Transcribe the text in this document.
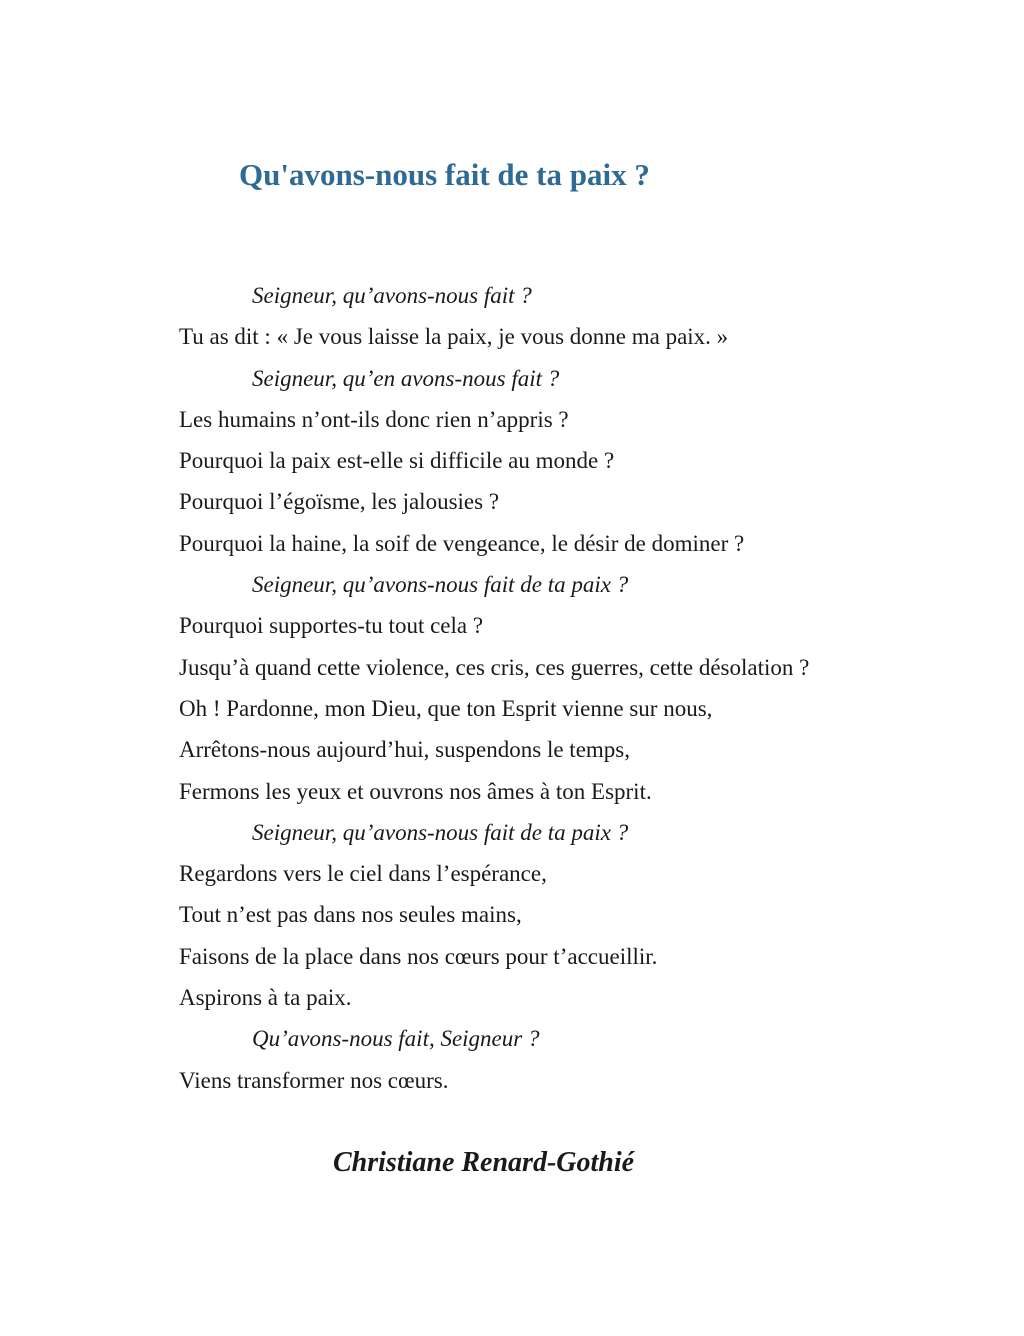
Qu'avons-nous fait de ta paix ?
Seigneur, qu’avons-nous fait ?
Tu as dit : « Je vous laisse la paix, je vous donne ma paix. »
Seigneur, qu’en avons-nous fait ?
Les humains n’ont-ils donc rien n’appris ?
Pourquoi la paix est-elle si difficile au monde ?
Pourquoi l’égoïsme, les jalousies ?
Pourquoi la haine, la soif de vengeance, le désir de dominer ?
Seigneur, qu’avons-nous fait de ta paix ?
Pourquoi supportes-tu tout cela ?
Jusqu’à quand cette violence, ces cris, ces guerres, cette désolation ?
Oh ! Pardonne, mon Dieu, que ton Esprit vienne sur nous,
Arrêtons-nous aujourd’hui, suspendons le temps,
Fermons les yeux et ouvrons nos âmes à ton Esprit.
Seigneur, qu’avons-nous fait de ta paix ?
Regardons vers le ciel dans l’espérance,
Tout n’est pas dans nos seules mains,
Faisons de la place dans nos cœurs pour t’accueillir.
Aspirons à ta paix.
Qu’avons-nous fait, Seigneur ?
Viens transformer nos cœurs.

Christiane Renard-Gothié
